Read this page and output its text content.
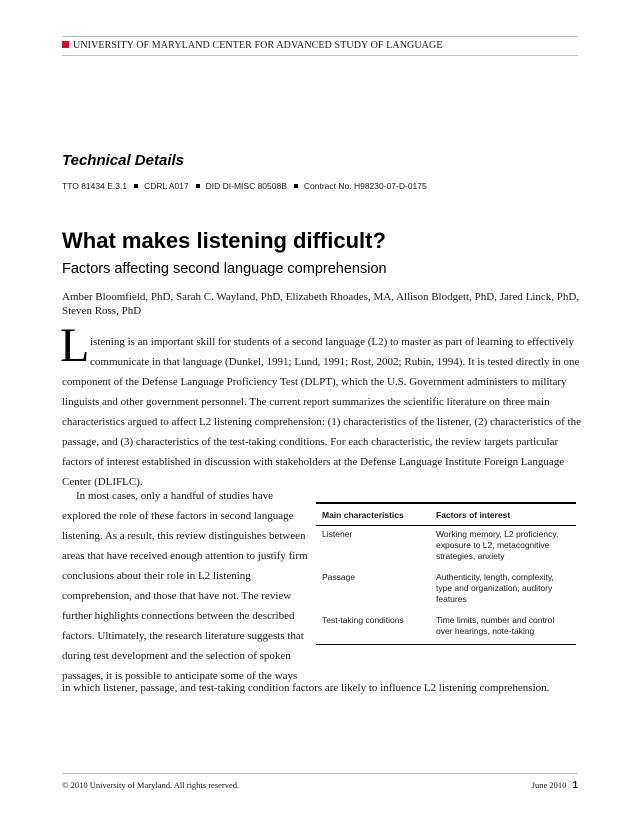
UNIVERSITY OF MARYLAND CENTER FOR ADVANCED STUDY OF LANGUAGE
Technical Details
TTO 81434 E.3.1 CDRL A017 DID DI-MISC 80508B Contract No. H98230-07-D-0175
What makes listening difficult?
Factors affecting second language comprehension
Amber Bloomfield, PhD, Sarah C. Wayland, PhD, Elizabeth Rhoades, MA, Allison Blodgett, PhD, Jared Linck, PhD, Steven Ross, PhD
L istening is an important skill for students of a second language (L2) to master as part of learning to effectively communicate in that language (Dunkel, 1991; Lund, 1991; Rost, 2002; Rubin, 1994). It is tested directly in one
component of the Defense Language Proficiency Test (DLPT), which the U.S. Government administers to military linguists and other government personnel. The current report summarizes the scientific literature on three main characteristics argued to affect L2 listening comprehension: (1) characteristics of the listener, (2) characteristics of the passage, and (3) characteristics of the test-taking conditions. For each characteristic, the review targets particular factors of interest established in discussion with stakeholders at the Defense Language Institute Foreign Language Center (DLIFLC).
In most cases, only a handful of studies have
explored the role of these factors in second language listening. As a result, this review distinguishes between areas that have received enough attention to justify firm conclusions about their role in L2 listening comprehension, and those that have not. The review further highlights connections between the described factors. Ultimately, the research literature suggests that during test development and the selection of spoken passages, it is possible to anticipate some of the ways
in which listener, passage, and test-taking condition factors are likely to influence L2 listening comprehension.
Main characteristics	Factors of interest
Listener	Working memory, L2 proficiency, exposure to L2, metacognitive strategies, anxiety
Passage	Authenticity, length, complexity, type and organization, auditory features
Test-taking conditions	Time limits, number and control over hearings, note-taking
© 2010 University of Maryland. All rights reserved.	June 2010 1
